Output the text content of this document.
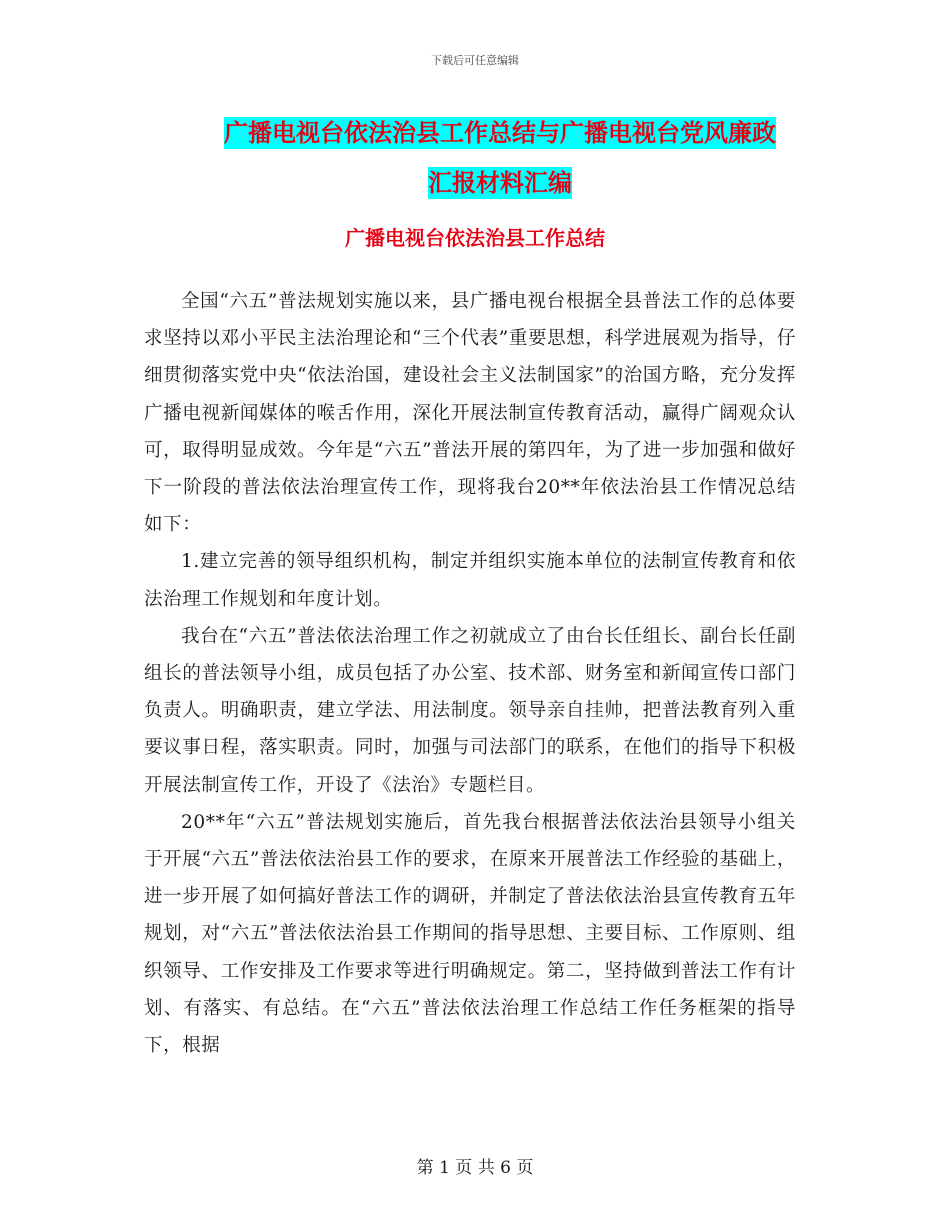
下载后可任意编辑
广播电视台依法治县工作总结与广播电视台党风廉政
汇报材料汇编
广播电视台依法治县工作总结

全国“六五”普法规划实施以来，县广播电视台根据全县普法工作的总体要求坚持以邓小平民主法治理论和“三个代表”重要思想，科学进展观为指导，仔细贯彻落实党中央“依法治国，建设社会主义法制国家”的治国方略，充分发挥广播电视新闻媒体的喉舌作用，深化开展法制宣传教育活动，赢得广阔观众认可，取得明显成效。今年是“六五”普法开展的第四年，为了进一步加强和做好下一阶段的普法依法治理宣传工作，现将我台20**年依法治县工作情况总结如下：

1.建立完善的领导组织机构，制定并组织实施本单位的法制宣传教育和依法治理工作规划和年度计划。

我台在“六五”普法依法治理工作之初就成立了由台长任组长、副台长任副组长的普法领导小组，成员包括了办公室、技术部、财务室和新闻宣传口部门负责人。明确职责，建立学法、用法制度。领导亲自挂帅，把普法教育列入重要议事日程，落实职责。同时，加强与司法部门的联系，在他们的指导下积极开展法制宣传工作，开设了《法治》专题栏目。

20**年“六五”普法规划实施后，首先我台根据普法依法治县领导小组关于开展“六五”普法依法治县工作的要求，在原来开展普法工作经验的基础上，进一步开展了如何搞好普法工作的调研，并制定了普法依法治县宣传教育五年规划，对“六五”普法依法治县工作期间的指导思想、主要目标、工作原则、组织领导、工作安排及工作要求等进行明确规定。第二，坚持做到普法工作有计划、有落实、有总结。在“六五”普法依法治理工作总结工作任务框架的指导下，根据

第 1 页 共 6 页
